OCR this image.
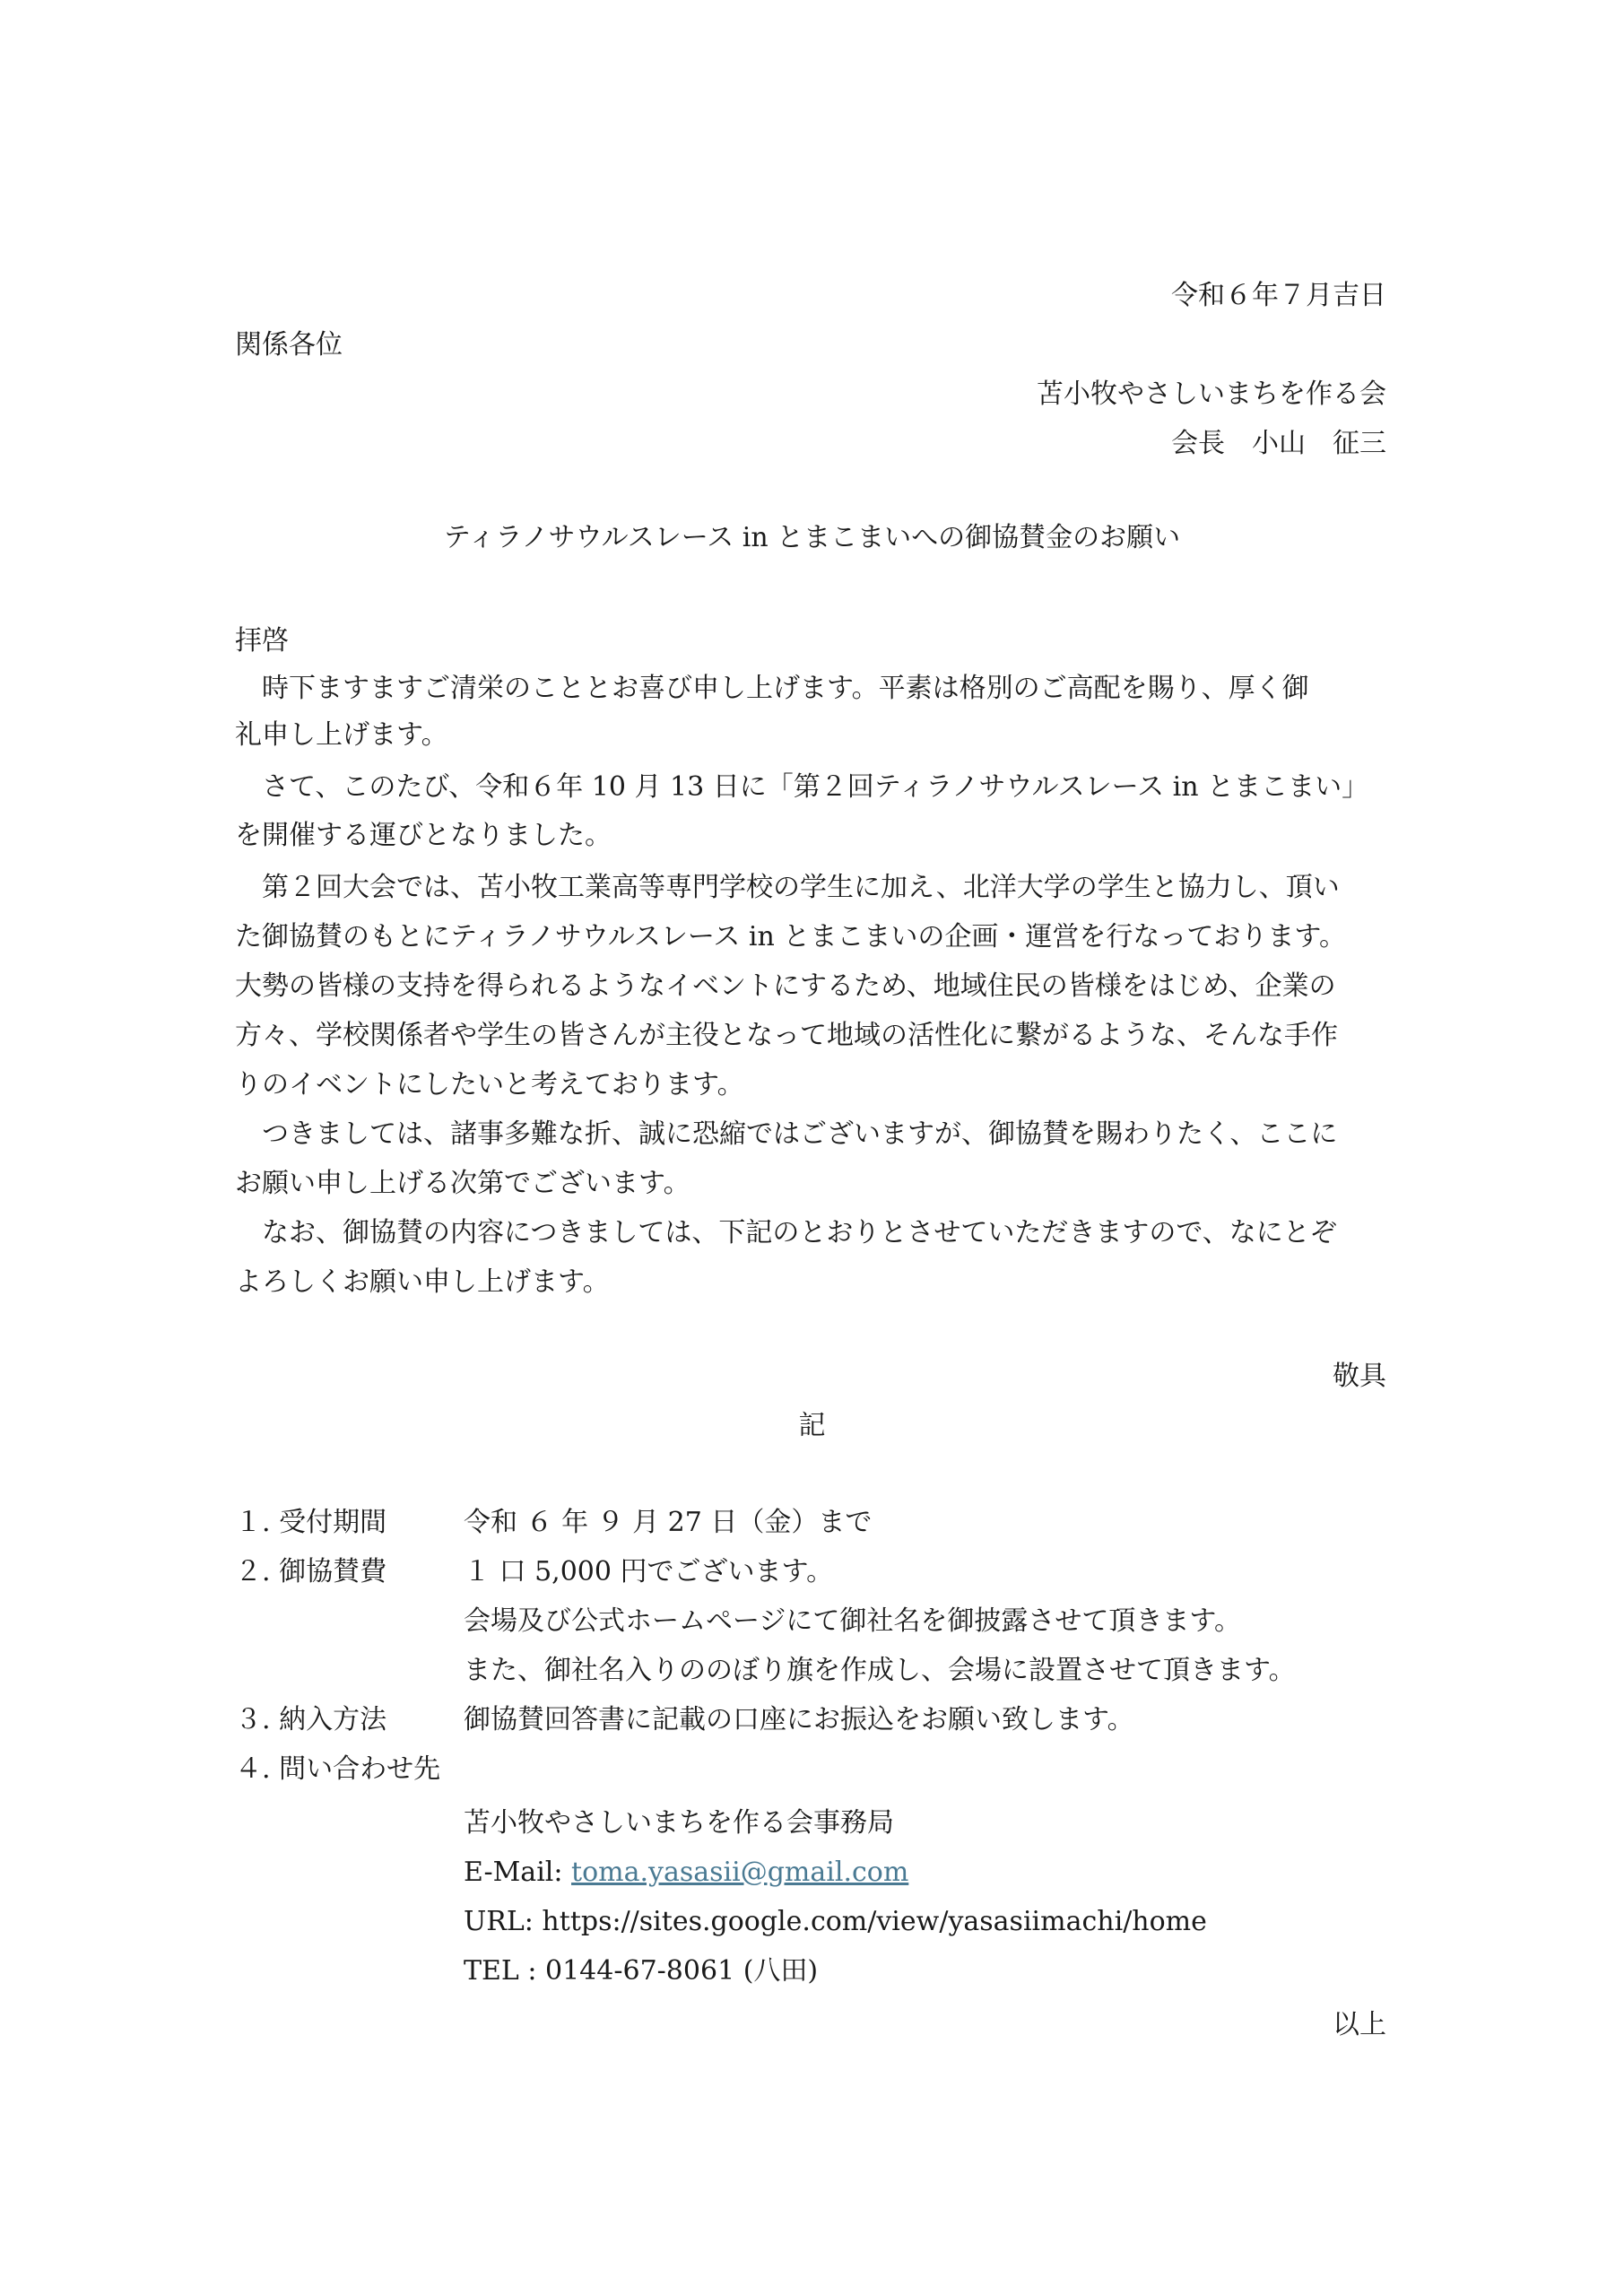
令和６年７月吉日
関係各位
苫小牧やさしいまちを作る会
会長　小山　征三
ティラノサウルスレース in とまこまいへの御協賛金のお願い
拝啓
　時下ますますご清栄のこととお喜び申し上げます。平素は格別のご高配を賜り、厚く御
礼申し上げます。
　さて、このたび、令和６年 10 月 13 日に「第２回ティラノサウルスレース in とまこまい」
を開催する運びとなりました。
　第２回大会では、苫小牧工業高等専門学校の学生に加え、北洋大学の学生と協力し、頂い
た御協賛のもとにティラノサウルスレース in とまこまいの企画・運営を行なっております。
大勢の皆様の支持を得られるようなイベントにするため、地域住民の皆様をはじめ、企業の
方々、学校関係者や学生の皆さんが主役となって地域の活性化に繋がるような、そんな手作
りのイベントにしたいと考えております。
　つきましては、諸事多難な折、誠に恐縮ではございますが、御協賛を賜わりたく、ここに
お願い申し上げる次第でございます。
　なお、御協賛の内容につきましては、下記のとおりとさせていただきますので、なにとぞ
よろしくお願い申し上げます。
敬具
記
１. 受付期間	令和 ６ 年 ９ 月 27 日（金）まで
２. 御協賛費	１ 口 5,000 円でございます。
会場及び公式ホームページにて御社名を御披露させて頂きます。
また、御社名入りののぼり旗を作成し、会場に設置させて頂きます。
３. 納入方法	御協賛回答書に記載の口座にお振込をお願い致します。
４. 問い合わせ先
苫小牧やさしいまちを作る会事務局
E-Mail: toma.yasasii@gmail.com
URL: https://sites.google.com/view/yasasiimachi/home
TEL : 0144-67-8061 (八田)
以上
